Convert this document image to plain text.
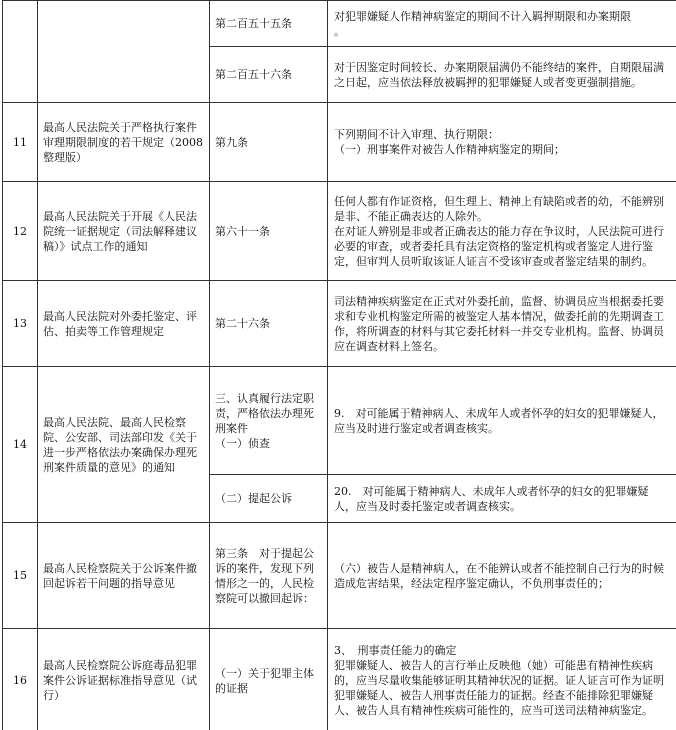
		第二百五十五条	对犯罪嫌疑人作精神病鉴定的期间不计入羁押期限和办案期限
。

		第二百五十六条	对于因鉴定时间较长、办案期限届满仍不能终结的案件，自期限届满之日起，应当依法释放被羁押的犯罪嫌疑人或者变更强制措施。

11	最高人民法院关于严格执行案件审理期限制度的若干规定（2008整理版）	第九条	下列期间不计入审理、执行期限：
（一）刑事案件对被告人作精神病鉴定的期间；

12	最高人民法院关于开展《人民法院统一证据规定（司法解释建议稿）》试点工作的通知	第六十一条	任何人都有作证资格，但生理上、精神上有缺陷或者的幼，不能辨别是非、不能正确表达的人除外。
在对证人辨别是非或者正确表达的能力存在争议时，人民法院可进行必要的审查，或者委托具有法定资格的鉴定机构或者鉴定人进行鉴定，但审判人员听取该证人证言不受该审查或者鉴定结果的制约。

13	最高人民法院对外委托鉴定、评估、拍卖等工作管理规定	第二十六条	司法精神疾病鉴定在正式对外委托前，监督、协调员应当根据委托要求和专业机构鉴定所需的被鉴定人基本情况，做委托前的先期调查工作，将所调查的材料与其它委托材料一并交专业机构。监督、协调员应在调查材料上签名。

14	最高人民法院、最高人民检察院、公安部、司法部印发《关于进一步严格依法办案确保办理死刑案件质量的意见》的通知	三、认真履行法定职责，严格依法办理死刑案件
（一）侦查	9.　对可能属于精神病人、未成年人或者怀孕的妇女的犯罪嫌疑人，应当及时进行鉴定或者调查核实。

		（二）提起公诉	20.　对可能属于精神病人、未成年人或者怀孕的妇女的犯罪嫌疑人，应当及时委托鉴定或者调查核实。

15	最高人民检察院关于公诉案件撤回起诉若干问题的指导意见	第三条　对于提起公诉的案件，发现下列情形之一的，人民检察院可以撤回起诉：	（六）被告人是精神病人，在不能辨认或者不能控制自己行为的时候造成危害结果，经法定程序鉴定确认，不负刑事责任的；

16	最高人民检察院公诉庭毒品犯罪案件公诉证据标准指导意见（试行）	（一）关于犯罪主体的证据	3、　刑事责任能力的确定
犯罪嫌疑人、被告人的言行举止反映他（她）可能患有精神性疾病的，应当尽量收集能够证明其精神状况的证据。证人证言可作为证明犯罪嫌疑人、被告人刑事责任能力的证据。经查不能排除犯罪嫌疑人、被告人具有精神性疾病可能性的，应当可送司法精神病鉴定。
